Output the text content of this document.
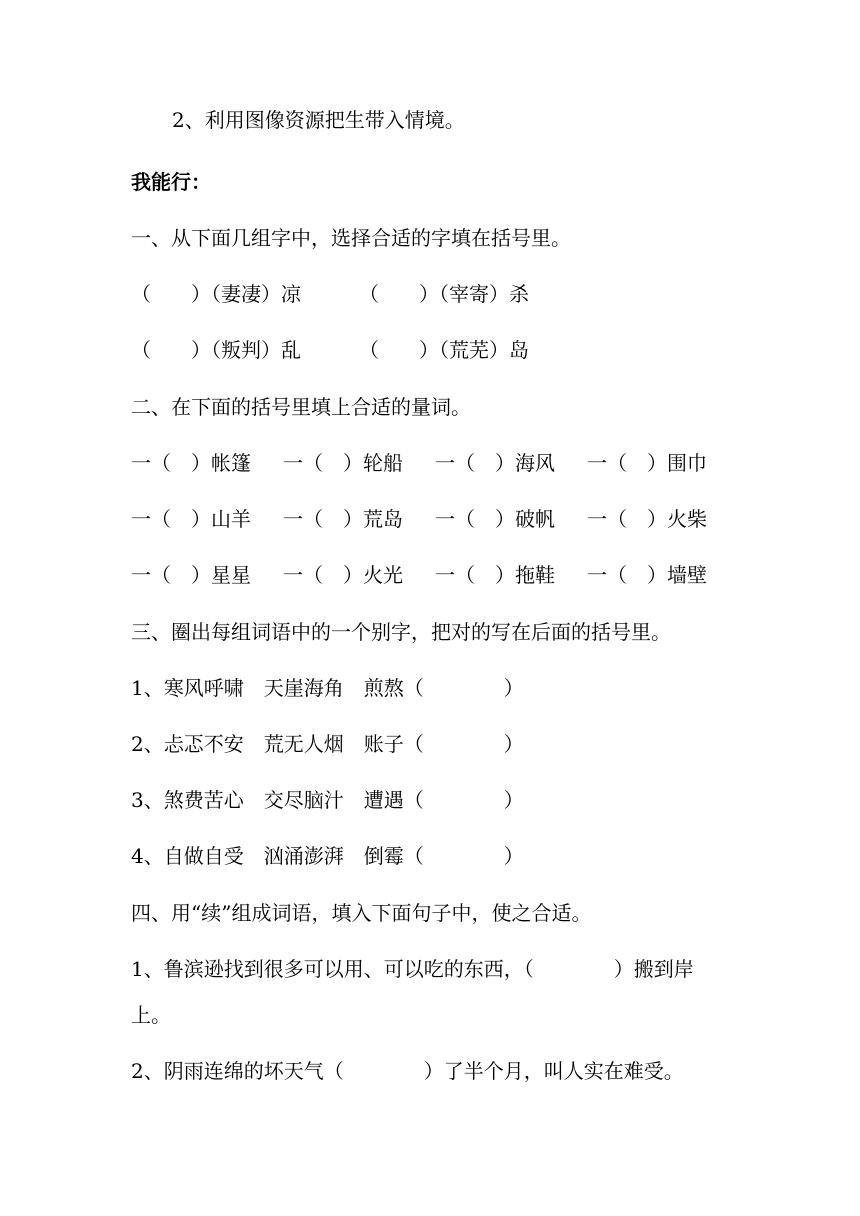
2、利用图像资源把生带入情境。
我能行：
一、从下面几组字中，选择合适的字填在括号里。
（　　）（妻凄）凉	（　　）（宰寄）杀
（　　）（叛判）乱	（　　）（荒芜）岛
二、在下面的括号里填上合适的量词。
一（　）帐篷 一（　）轮船 一（　）海风 一（　）围巾
一（　）山羊 一（　）荒岛 一（　）破帆 一（　）火柴
一（　）星星 一（　）火光 一（　）拖鞋 一（　）墙壁
三、圈出每组词语中的一个别字，把对的写在后面的括号里。
1、寒风呼啸　天崖海角　煎熬（　　　　）
2、忐忑不安　荒无人烟　账子（　　　　）
3、煞费苦心　交尽脑汁　遭遇（　　　　）
4、自做自受　汹涌澎湃　倒霉（　　　　）
四、用“续”组成词语，填入下面句子中，使之合适。
1、鲁滨逊找到很多可以用、可以吃的东西，（　　　　）搬到岸
上。
2、阴雨连绵的坏天气（　　　　）了半个月，叫人实在难受。
